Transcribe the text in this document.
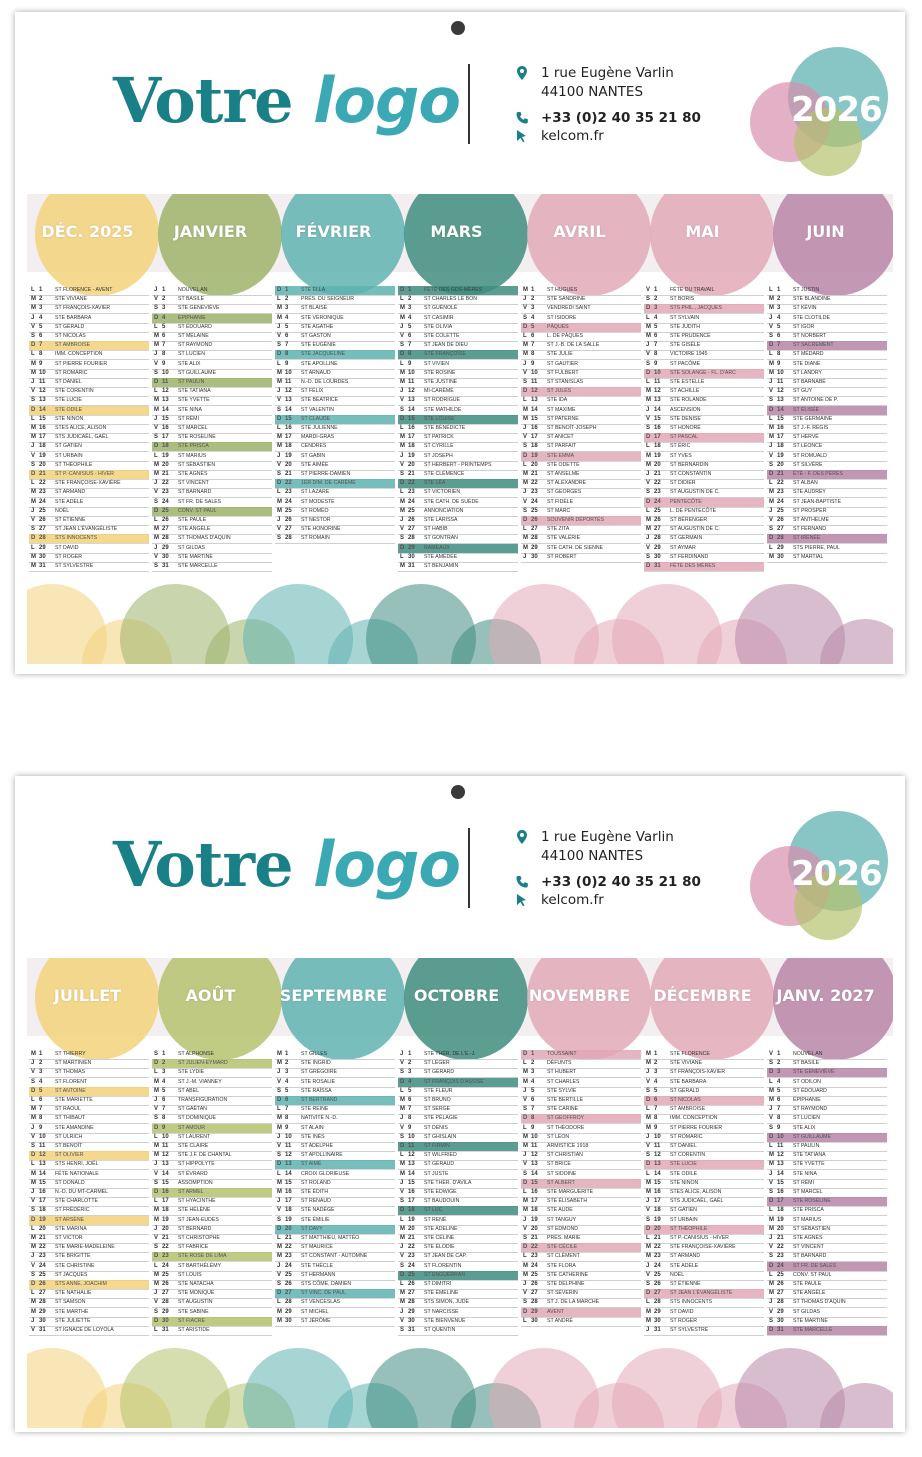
Votre logo	1 rue Eugène Varlin
44100 NANTES
+33 (0)2 40 35 21 80
kelcom.fr
2026
DÉC. 2025
L 1 ST FLORENCE - AVENT
M 2 STE VIVIANE
M 3 ST FRANÇOIS-XAVIER
J 4 STE BARBARA
V 5 ST GÉRALD
S 6 ST NICOLAS
D 7 ST AMBROISE
L 8 IMM. CONCEPTION
M 9 ST PIERRE FOURIER
M 10 ST ROMARIC
J 11 ST DANIEL
V 12 STE CORENTIN
S 13 STE LUCIE
D 14 STE ODILE
L 15 STE NINON
M 16 STES ALICE, ALISON
M 17 STS JUDICAËL, GAËL
J 18 ST GATIEN
V 19 ST URBAIN
S 20 ST THÉOPHILE
D 21 ST P.-CANISIUS - HIVER
L 22 STE FRANÇOISE-XAVIÈRE
M 23 ST ARMAND
M 24 STE ADÈLE
J 25 NOËL
V 26 ST ÉTIENNE
S 27 ST JEAN L'ÉVANGÉLISTE
D 28 STS INNOCENTS
L 29 ST DAVID
M 30 ST ROGER
M 31 ST SYLVESTRE
JANVIER
J 1 NOUVEL AN
V 2 ST BASILE
S 3 STE GENEVIÈVE
D 4 ÉPIPHANIE
L 5 ST ÉDOUARD
M 6 ST MÉLAINE
M 7 ST RAYMOND
J 8 ST LUCIEN
V 9 STE ALIX
S 10 ST GUILLAUME
D 11 ST PAULIN
L 12 STE TATIANA
M 13 STE YVETTE
M 14 STE NINA
J 15 ST RÉMI
V 16 ST MARCEL
S 17 STE ROSELINE
D 18 STE PRISCA
L 19 ST MARIUS
M 20 ST SÉBASTIEN
M 21 STE AGNÈS
J 22 ST VINCENT
V 23 ST BARNARD
S 24 ST FR. DE SALES
D 25 CONV. ST PAUL
L 26 STE PAULE
M 27 STE ANGÈLE
M 28 ST THOMAS D'AQUIN
J 29 ST GILDAS
V 30 STE MARTINE
S 31 STE MARCELLE
FÉVRIER
D 1 STE ELLA
L 2 PRÉS. DU SEIGNEUR
M 3 ST BLAISE
M 4 STE VÉRONIQUE
J 5 STE AGATHE
V 6 ST GASTON
S 7 STE EUGÉNIE
D 8 STE JACQUELINE
L 9 STE APOLLINE
M 10 ST ARNAUD
M 11 N.-D. DE LOURDES
J 12 ST FÉLIX
V 13 STE BÉATRICE
S 14 ST VALENTIN
D 15 ST CLAUDE
L 16 STE JULIENNE
M 17 MARDI-GRAS
M 18 CENDRES
J 19 ST GABIN
V 20 STE AIMÉE
S 21 ST PIERRE-DAMIEN
D 22 1ER DIM. DE CARÊME
L 23 ST LAZARE
M 24 ST MODESTE
M 25 ST ROMÉO
J 26 ST NESTOR
V 27 STE HONORINE
S 28 ST ROMAIN
MARS
D 1 FÊTE DES GDS-MÈRES
L 2 ST CHARLES LE BON
M 3 ST GUÉNOLÉ
M 4 ST CASIMIR
J 5 STE OLIVIA
V 6 STE COLETTE
S 7 ST JEAN DE DIEU
D 8 STE FRANÇOISE
L 9 ST VIVIEN
M 10 STE ROSINE
M 11 STE JUSTINE
J 12 MI-CARÊME
V 13 ST RODRIGUE
S 14 STE MATHILDE
D 15 STE LOUISE
L 16 STE BÉNÉDICTE
M 17 ST PATRICK
M 18 ST CYRILLE
J 19 ST JOSEPH
V 20 ST HERBERT - PRINTEMPS
S 21 STE CLÉMENCE
D 22 STE LÉA
L 23 ST VICTORIEN
M 24 STE CATH. DE SUÈDE
M 25 ANNONCIATION
J 26 STE LARISSA
V 27 ST HABIB
S 28 ST GONTRAN
D 29 RAMEAUX
L 30 STE AMÉDÉE
M 31 ST BENJAMIN
AVRIL
M 1 ST HUGUES
J 2 STE SANDRINE
V 3 VENDREDI SAINT
S 4 ST ISIDORE
D 5 PÂQUES
L 6 L. DE PÂQUES
M 7 ST J.-B. DE LA SALLE
M 8 STE JULIE
J 9 ST GAUTIER
V 10 ST FULBERT
S 11 ST STANISLAS
D 12 ST JULES
L 13 STE IDA
M 14 ST MAXIME
M 15 ST PATERNE
J 16 ST BENOÎT-JOSEPH
V 17 ST ANICET
S 18 ST PARFAIT
D 19 STE EMMA
L 20 STE ODETTE
M 21 ST ANSELME
M 22 ST ALEXANDRE
J 23 ST GEORGES
V 24 ST FIDÈLE
S 25 ST MARC
D 26 SOUVENIR DÉPORTÉS
L 27 STE ZITA
M 28 STE VALÉRIE
M 29 STE CATH. DE SIENNE
J 30 ST ROBERT
MAI
V 1 FÊTE DU TRAVAIL
S 2 ST BORIS
D 3 STS PHIL., JACQUES
L 4 ST SYLVAIN
M 5 STE JUDITH
M 6 STE PRUDENCE
J 7 STE GISÈLE
V 8 VICTOIRE 1945
S 9 ST PACÔME
D 10 STE SOLANGE - FL. D'ARC
L 11 STE ESTELLE
M 12 ST ACHILLE
M 13 STE ROLANDE
J 14 ASCENSION
V 15 STE DENISE
S 16 ST HONORÉ
D 17 ST PASCAL
L 18 ST ÉRIC
M 19 ST YVES
M 20 ST BERNARDIN
J 21 ST CONSTANTIN
V 22 ST DIDIER
S 23 ST AUGUSTIN DE C.
D 24 PENTECÔTE
L 25 L. DE PENTECÔTE
M 26 ST BÉRENGER
M 27 ST AUGUSTIN DE C.
J 28 ST GERMAIN
V 29 ST AYMAR
S 30 ST FERDINAND
D 31 FÊTE DES MÈRES
JUIN
L 1 ST JUSTIN
M 2 STE BLANDINE
M 3 ST KÉVIN
J 4 STE CLOTILDE
V 5 ST IGOR
S 6 ST NORBERT
D 7 ST SACREMENT
L 8 ST MÉDARD
M 9 STE DIANE
M 10 ST LANDRY
J 11 ST BARNABÉ
V 12 ST GUY
S 13 ST ANTOINE DE P.
D 14 ST ÉLISÉE
L 15 STE GERMAINE
M 16 ST J.-F. RÉGIS
M 17 ST HERVÉ
J 18 ST LÉONCE
V 19 ST ROMUALD
S 20 ST SILVÈRE
D 21 ÉTÉ - F. DES PÈRES
L 22 ST ALBAN
M 23 STE AUDREY
M 24 ST JEAN-BAPTISTE
J 25 ST PROSPER
V 26 ST ANTHELME
S 27 ST FERNAND
D 28 ST IRÉNÉE
L 29 STS PIERRE, PAUL
M 30 ST MARTIAL
Votre logo	1 rue Eugène Varlin
44100 NANTES
+33 (0)2 40 35 21 80
kelcom.fr
2026
JUILLET
M 1 ST THIERRY
J 2 ST MARTINIEN
V 3 ST THOMAS
S 4 ST FLORENT
D 5 ST ANTOINE
L 6 STE MARIETTE
M 7 ST RAOUL
M 8 ST THIBAUT
J 9 STE AMANDINE
V 10 ST ULRICH
S 11 ST BENOÎT
D 12 ST OLIVIER
L 13 STS HENRI, JOËL
M 14 FÊTE NATIONALE
M 15 ST DONALD
J 16 N.-D. DU MT-CARMEL
V 17 STE CHARLOTTE
S 18 ST FRÉDÉRIC
D 19 ST ARSÈNE
L 20 STE MARINA
M 21 ST VICTOR
M 22 STE MARIE-MADELEINE
J 23 STE BRIGITTE
V 24 STE CHRISTINE
S 25 ST JACQUES
D 26 STS ANNE, JOACHIM
L 27 STE NATHALIE
M 28 ST SAMSON
M 29 STE MARTHE
J 30 STE JULIETTE
V 31 ST IGNACE DE LOYOLA
AOÛT
S 1 ST ALPHONSE
D 2 ST JULIEN-EYMARD
L 3 STE LYDIE
M 4 ST J.-M. VIANNEY
M 5 ST ABEL
J 6 TRANSFIGURATION
V 7 ST GAËTAN
S 8 ST DOMINIQUE
D 9 ST AMOUR
L 10 ST LAURENT
M 11 STE CLAIRE
M 12 STE J.F. DE CHANTAL
J 13 ST HIPPOLYTE
V 14 ST ÉVRARD
S 15 ASSOMPTION
D 16 ST ARMEL
L 17 ST HYACINTHE
M 18 STE HÉLÈNE
M 19 ST JEAN-EUDES
J 20 ST BERNARD
V 21 ST CHRISTOPHE
S 22 ST FABRICE
D 23 STE ROSE DE LIMA
L 24 ST BARTHÉLÉMY
M 25 ST LOUIS
M 26 STE NATACHA
J 27 STE MONIQUE
V 28 ST AUGUSTIN
S 29 STE SABINE
D 30 ST FIACRE
L 31 ST ARISTIDE
SEPTEMBRE
M 1 ST GILLES
M 2 STE INGRID
J 3 ST GRÉGOIRE
V 4 STE ROSALIE
S 5 STE RAÏSSA
D 6 ST BERTRAND
L 7 STE REINE
M 8 NATIVITÉ N.-D.
M 9 ST ALAIN
J 10 STE INÈS
V 11 ST ADELPHE
S 12 ST APOLLINAIRE
D 13 ST AIMÉ
L 14 CROIX GLORIEUSE
M 15 ST ROLAND
M 16 STE ÉDITH
J 17 ST RENAUD
V 18 STE NADÈGE
S 19 STE ÉMILIE
D 20 ST DAVY
L 21 ST MATTHIEU, MATTÉO
M 22 ST MAURICE
M 23 ST CONSTANT - AUTOMNE
J 24 STE THÈCLE
V 25 ST HERMANN
S 26 STS CÔME, DAMIEN
D 27 ST VINC. DE PAUL
L 28 ST VENCESLAS
M 29 ST MICHEL
M 30 ST JÉRÔME
OCTOBRE
J 1 STE THÉR. DE L'E.-J.
V 2 ST LÉGER
S 3 ST GÉRARD
D 4 ST FRANÇOIS D'ASSISE
L 5 STE FLEUR
M 6 ST BRUNO
M 7 ST SERGE
J 8 STE PÉLAGIE
V 9 ST DENIS
S 10 ST GHISLAIN
D 11 ST FIRMIN
L 12 ST WILFRIED
M 13 ST GÉRAUD
M 14 ST JUSTE
J 15 STE THÉR. D'AVILA
V 16 STE EDWIGE
S 17 ST BAUDOUIN
D 18 ST LUC
L 19 ST RENÉ
M 20 STE ADELINE
M 21 STE CÉLINE
J 22 STE ÉLODIE
V 23 ST JEAN DE CAP.
S 24 ST FLORENTIN
D 25 ST ENGUERRAN
L 26 ST DIMITRI
M 27 STE ÉMELINE
M 28 STS SIMON, JUDE
J 29 ST NARCISSE
V 30 STE BIENVENUE
S 31 ST QUENTIN
NOVEMBRE
D 1 TOUSSAINT
L 2 DÉFUNTS
M 3 ST HUBERT
M 4 ST CHARLES
J 5 STE SYLVIE
V 6 STE BERTILLE
S 7 STE CARINE
D 8 ST GEOFFROY
L 9 ST THÉODORE
M 10 ST LÉON
M 11 ARMISTICE 1918
J 12 ST CHRISTIAN
V 13 ST BRICE
S 14 ST SIDOINE
D 15 ST ALBERT
L 16 STE MARGUERITE
M 17 STE ÉLISABETH
M 18 STE AUDE
J 19 ST TANGUY
V 20 ST EDMOND
S 21 PRÉS. MARIE
D 22 STE CÉCILE
L 23 ST CLÉMENT
M 24 STE FLORA
M 25 STE CATHERINE
J 26 STE DELPHINE
V 27 ST SÉVERIN
S 28 ST J. DE LA MARCHE
D 29 AVENT
L 30 ST ANDRÉ
DÉCEMBRE
M 1 STE FLORENCE
M 2 STE VIVIANE
J 3 ST FRANÇOIS-XAVIER
V 4 STE BARBARA
S 5 ST GÉRALD
D 6 ST NICOLAS
L 7 ST AMBROISE
M 8 IMM. CONCEPTION
M 9 ST PIERRE FOURIER
J 10 ST ROMARIC
V 11 ST DANIEL
S 12 ST CORENTIN
D 13 STE LUCIE
L 14 STE ODILE
M 15 STE NINON
M 16 STES ALICE, ALISON
J 17 STS JUDICAËL, GAËL
V 18 ST GATIEN
S 19 ST URBAIN
D 20 ST THÉOPHILE
L 21 ST P.-CANISIUS - HIVER
M 22 STE FRANÇOISE-XAVIÈRE
M 23 ST ARMAND
J 24 STE ADÈLE
V 25 NOËL
S 26 ST ÉTIENNE
D 27 ST JEAN L'ÉVANGÉLISTE
L 28 STS INNOCENTS
M 29 ST DAVID
M 30 ST ROGER
J 31 ST SYLVESTRE
JANV. 2027
V 1 NOUVEL AN
S 2 ST BASILE
D 3 STE GENEVIÈVE
L 4 ST ODILON
M 5 ST ÉDOUARD
M 6 ÉPIPHANIE
J 7 ST RAYMOND
V 8 ST LUCIEN
S 9 STE ALIX
D 10 ST GUILLAUME
L 11 ST PAULIN
M 12 STE TATIANA
M 13 STE YVETTE
J 14 STE NINA
V 15 ST RÉMI
S 16 ST MARCEL
D 17 STE ROSELINE
L 18 STE PRISCA
M 19 ST MARIUS
M 20 ST SÉBASTIEN
J 21 STE AGNÈS
V 22 ST VINCENT
S 23 ST BARNARD
D 24 ST FR. DE SALES
L 25 CONV. ST PAUL
M 26 STE PAULE
M 27 STE ANGÈLE
J 28 ST THOMAS D'AQUIN
V 29 ST GILDAS
S 30 STE MARTINE
D 31 STE MARCELLE
